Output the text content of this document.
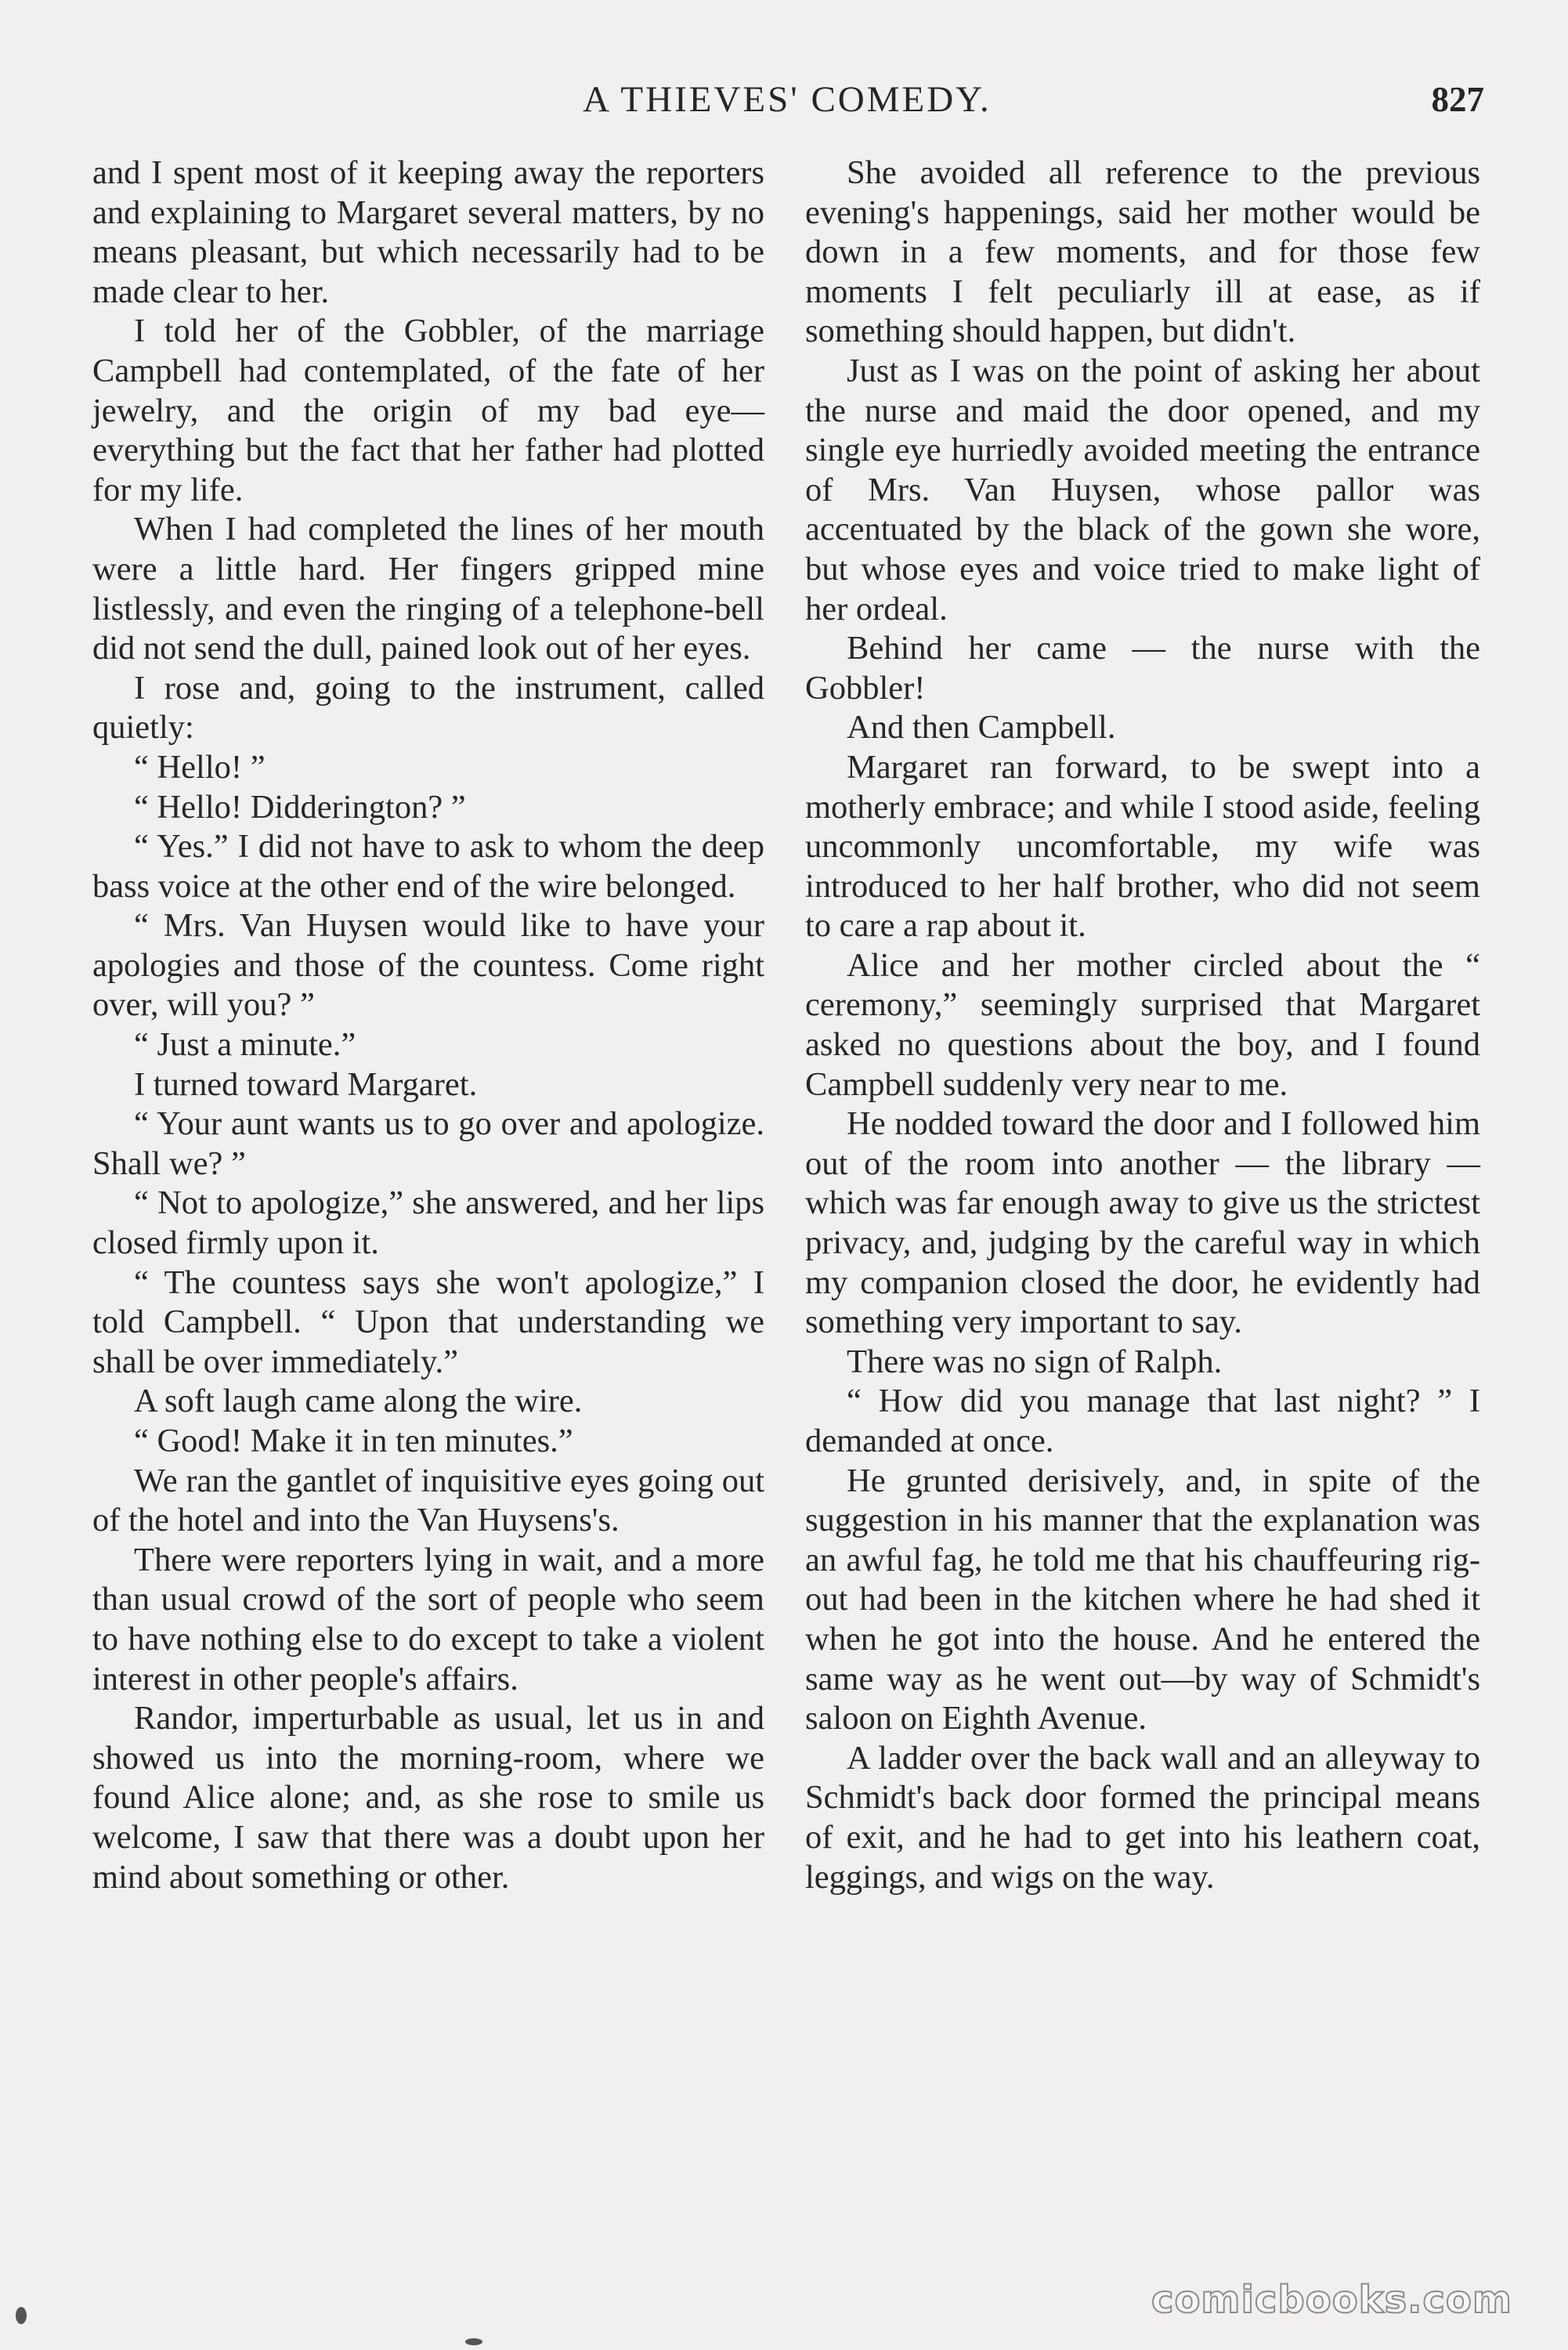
A THIEVES' COMEDY.	827

and I spent most of it keeping away the reporters and explaining to Margaret several matters, by no means pleasant, but which necessarily had to be made clear to her.

I told her of the Gobbler, of the marriage Campbell had contemplated, of the fate of her jewelry, and the origin of my bad eye—everything but the fact that her father had plotted for my life.

When I had completed the lines of her mouth were a little hard. Her fingers gripped mine listlessly, and even the ringing of a telephone-bell did not send the dull, pained look out of her eyes.

I rose and, going to the instrument, called quietly:

“ Hello! ”

“ Hello! Didderington? ”

“ Yes.” I did not have to ask to whom the deep bass voice at the other end of the wire belonged.

“ Mrs. Van Huysen would like to have your apologies and those of the countess. Come right over, will you? ”

“ Just a minute.”

I turned toward Margaret.

“ Your aunt wants us to go over and apologize. Shall we? ”

“ Not to apologize,” she answered, and her lips closed firmly upon it.

“ The countess says she won't apologize,” I told Campbell. “ Upon that understanding we shall be over immediately.”

A soft laugh came along the wire.

“ Good! Make it in ten minutes.”

We ran the gantlet of inquisitive eyes going out of the hotel and into the Van Huysens's.

There were reporters lying in wait, and a more than usual crowd of the sort of people who seem to have nothing else to do except to take a violent interest in other people's affairs.

Randor, imperturbable as usual, let us in and showed us into the morning-room, where we found Alice alone; and, as she rose to smile us welcome, I saw that there was a doubt upon her mind about something or other.

She avoided all reference to the previous evening's happenings, said her mother would be down in a few moments, and for those few moments I felt peculiarly ill at ease, as if something should happen, but didn't.

Just as I was on the point of asking her about the nurse and maid the door opened, and my single eye hurriedly avoided meeting the entrance of Mrs. Van Huysen, whose pallor was accentuated by the black of the gown she wore, but whose eyes and voice tried to make light of her ordeal.

Behind her came — the nurse with the Gobbler!

And then Campbell.

Margaret ran forward, to be swept into a motherly embrace; and while I stood aside, feeling uncommonly uncomfortable, my wife was introduced to her half brother, who did not seem to care a rap about it.

Alice and her mother circled about the “ ceremony,” seemingly surprised that Margaret asked no questions about the boy, and I found Campbell suddenly very near to me.

He nodded toward the door and I followed him out of the room into another — the library — which was far enough away to give us the strictest privacy, and, judging by the careful way in which my companion closed the door, he evidently had something very important to say.

There was no sign of Ralph.

“ How did you manage that last night? ” I demanded at once.

He grunted derisively, and, in spite of the suggestion in his manner that the explanation was an awful fag, he told me that his chauffeuring rig-out had been in the kitchen where he had shed it when he got into the house. And he entered the same way as he went out—by way of Schmidt's saloon on Eighth Avenue.

A ladder over the back wall and an alleyway to Schmidt's back door formed the principal means of exit, and he had to get into his leathern coat, leggings, and wigs on the way.

comicbooks.com
